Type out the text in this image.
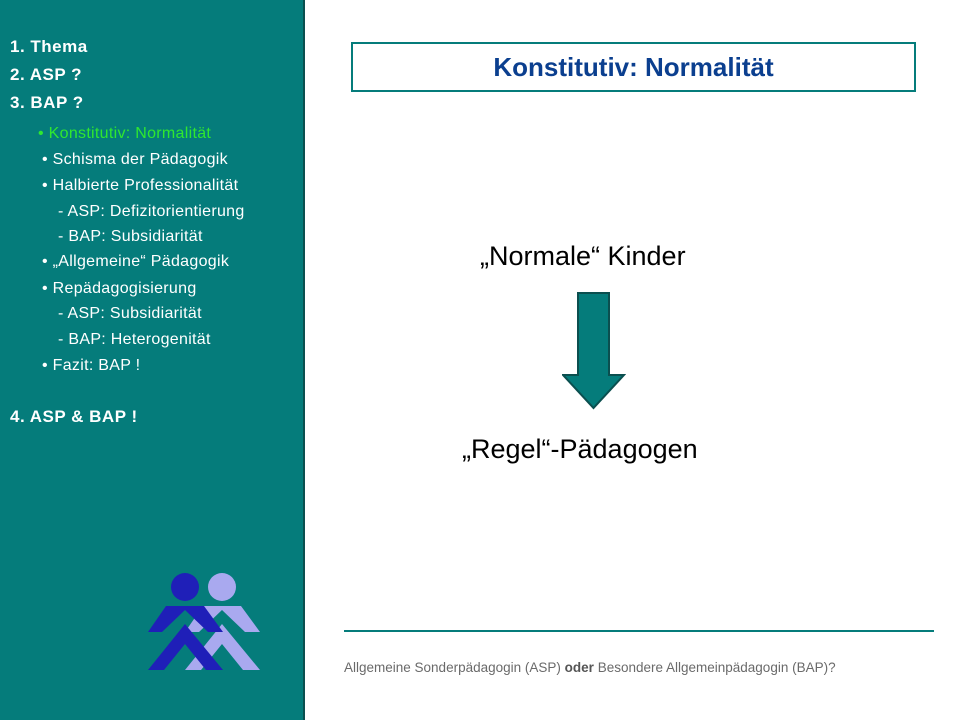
1. Thema
2. ASP ?
3. BAP ?
• Konstitutiv: Normalität
• Schisma der Pädagogik
• Halbierte Professionalität
- ASP: Defizitorientierung
- BAP: Subsidiarität
• „Allgemeine“ Pädagogik
• Repädagogisierung
- ASP: Subsidiarität
- BAP: Heterogenität
• Fazit: BAP !
4. ASP & BAP !
Konstitutiv: Normalität
„Normale“ Kinder
„Regel“-Pädagogen
Allgemeine Sonderpädagogin (ASP) oder Besondere Allgemeinpädagogin (BAP)?
